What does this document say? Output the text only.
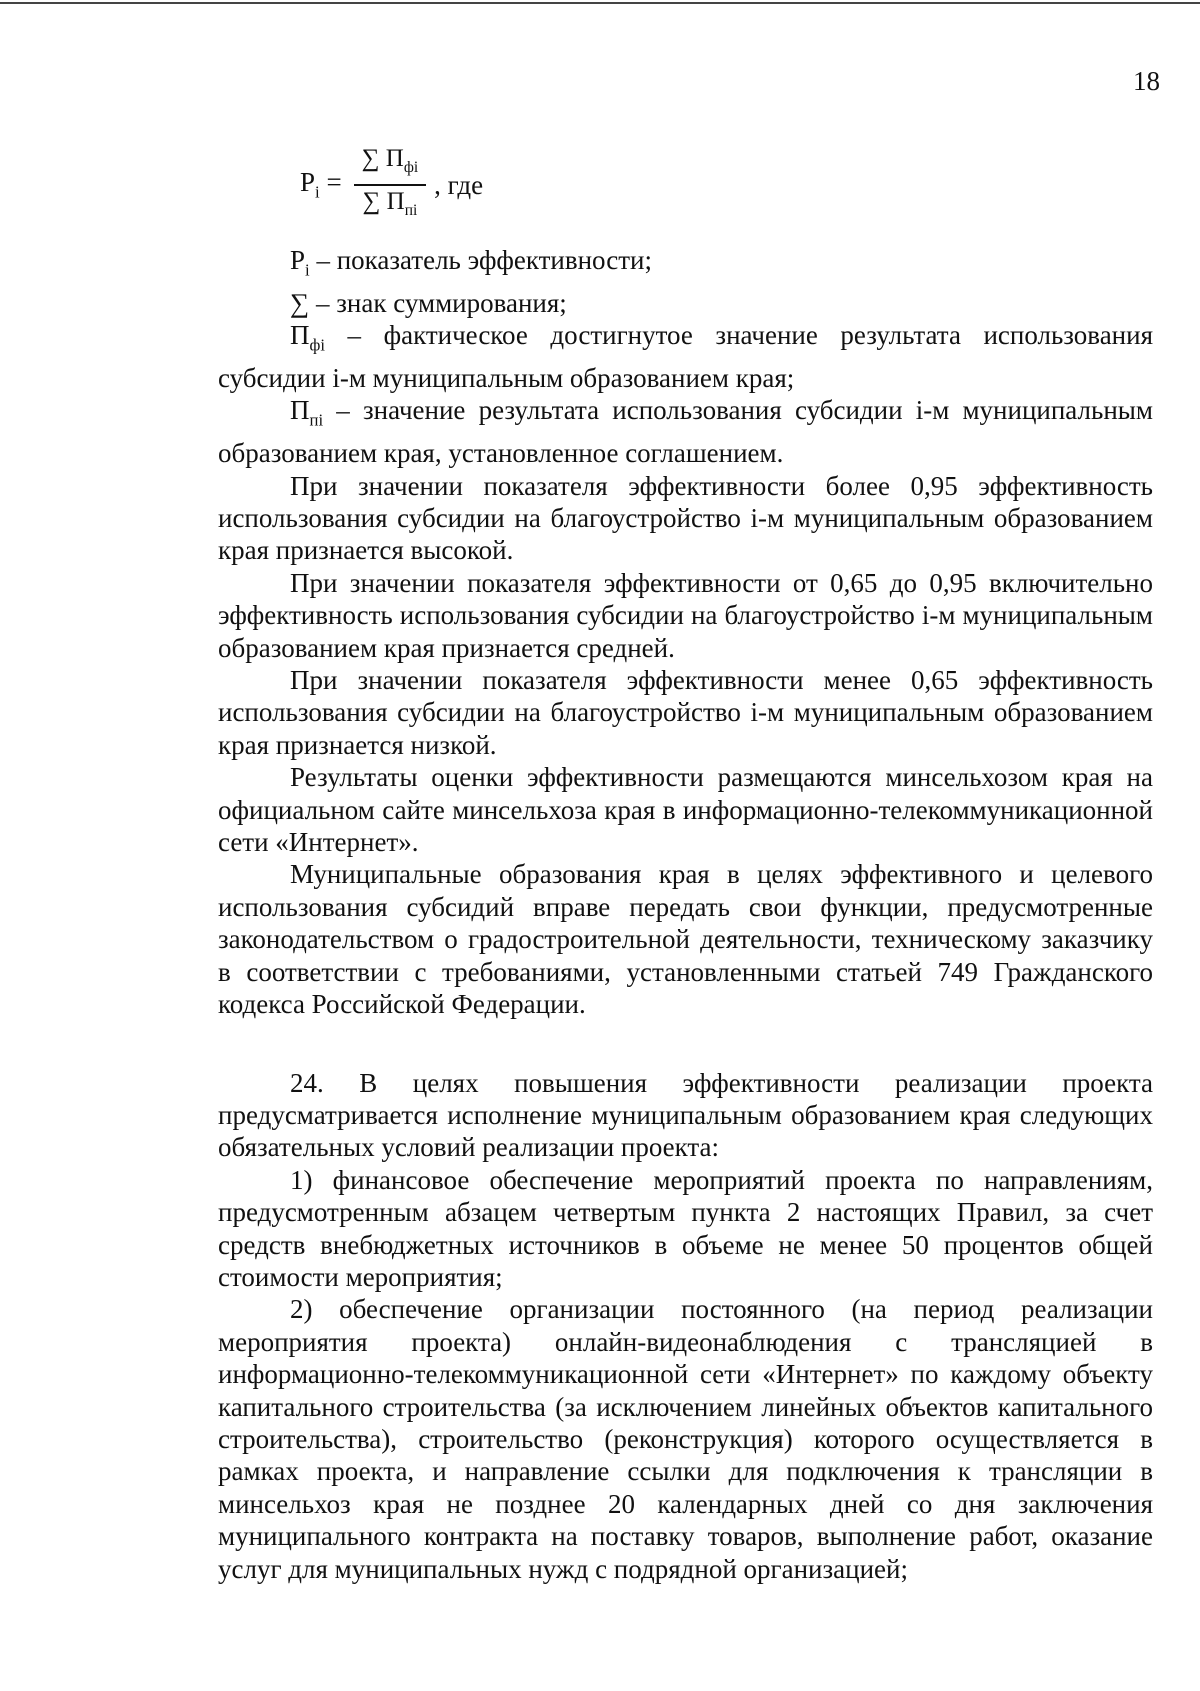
18
$P_i = \frac{\sum П_{фi}}{\sum П_{пi}}$ , где

$P_i$ – показатель эффективности;

∑ – знак суммирования;

$П_{фi}$ – фактическое достигнутое значение результата использования субсидии i-м муниципальным образованием края;

$П_{пi}$ – значение результата использования субсидии i-м муниципальным образованием края, установленное соглашением.

При значении показателя эффективности более 0,95 эффективность использования субсидии на благоустройство i-м муниципальным образованием края признается высокой.

При значении показателя эффективности от 0,65 до 0,95 включительно эффективность использования субсидии на благоустройство i-м муниципальным образованием края признается средней.

При значении показателя эффективности менее 0,65 эффективность использования субсидии на благоустройство i-м муниципальным образованием края признается низкой.

Результаты оценки эффективности размещаются минсельхозом края на официальном сайте минсельхоза края в информационно-телекоммуникационной сети «Интернет».

Муниципальные образования края в целях эффективного и целевого использования субсидий вправе передать свои функции, предусмотренные законодательством о градостроительной деятельности, техническому заказчику в соответствии с требованиями, установленными статьей 749 Гражданского кодекса Российской Федерации.

24. В целях повышения эффективности реализации проекта предусматривается исполнение муниципальным образованием края следующих обязательных условий реализации проекта:

1) финансовое обеспечение мероприятий проекта по направлениям, предусмотренным абзацем четвертым пункта 2 настоящих Правил, за счет средств внебюджетных источников в объеме не менее 50 процентов общей стоимости мероприятия;

2) обеспечение организации постоянного (на период реализации мероприятия проекта) онлайн-видеонаблюдения с трансляцией в информационно-телекоммуникационной сети «Интернет» по каждому объекту капитального строительства (за исключением линейных объектов капитального строительства), строительство (реконструкция) которого осуществляется в рамках проекта, и направление ссылки для подключения к трансляции в минсельхоз края не позднее 20 календарных дней со дня заключения муниципального контракта на поставку товаров, выполнение работ, оказание услуг для муниципальных нужд с подрядной организацией;
